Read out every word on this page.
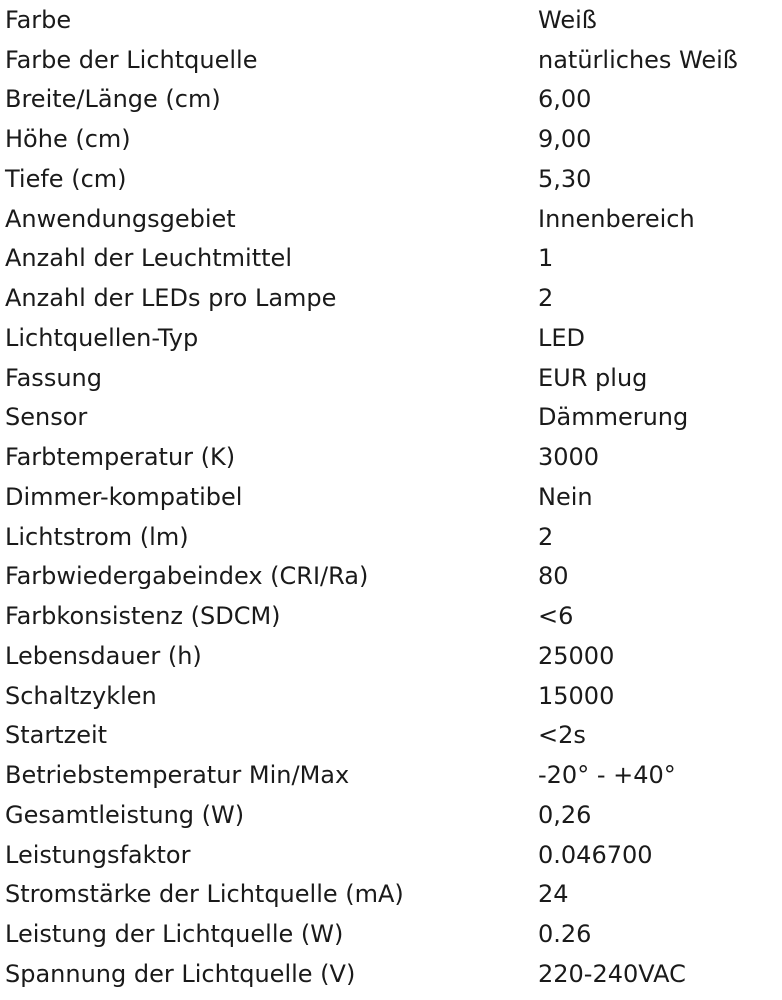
Farbe	Weiß
Farbe der Lichtquelle	natürliches Weiß
Breite/Länge (cm)	6,00
Höhe (cm)	9,00
Tiefe (cm)	5,30
Anwendungsgebiet	Innenbereich
Anzahl der Leuchtmittel	1
Anzahl der LEDs pro Lampe	2
Lichtquellen-Typ	LED
Fassung	EUR plug
Sensor	Dämmerung
Farbtemperatur (K)	3000
Dimmer-kompatibel	Nein
Lichtstrom (lm)	2
Farbwiedergabeindex (CRI/Ra)	80
Farbkonsistenz (SDCM)	<6
Lebensdauer (h)	25000
Schaltzyklen	15000
Startzeit	<2s
Betriebstemperatur Min/Max	-20° - +40°
Gesamtleistung (W)	0,26
Leistungsfaktor	0.046700
Stromstärke der Lichtquelle (mA)	24
Leistung der Lichtquelle (W)	0.26
Spannung der Lichtquelle (V)	220-240VAC
